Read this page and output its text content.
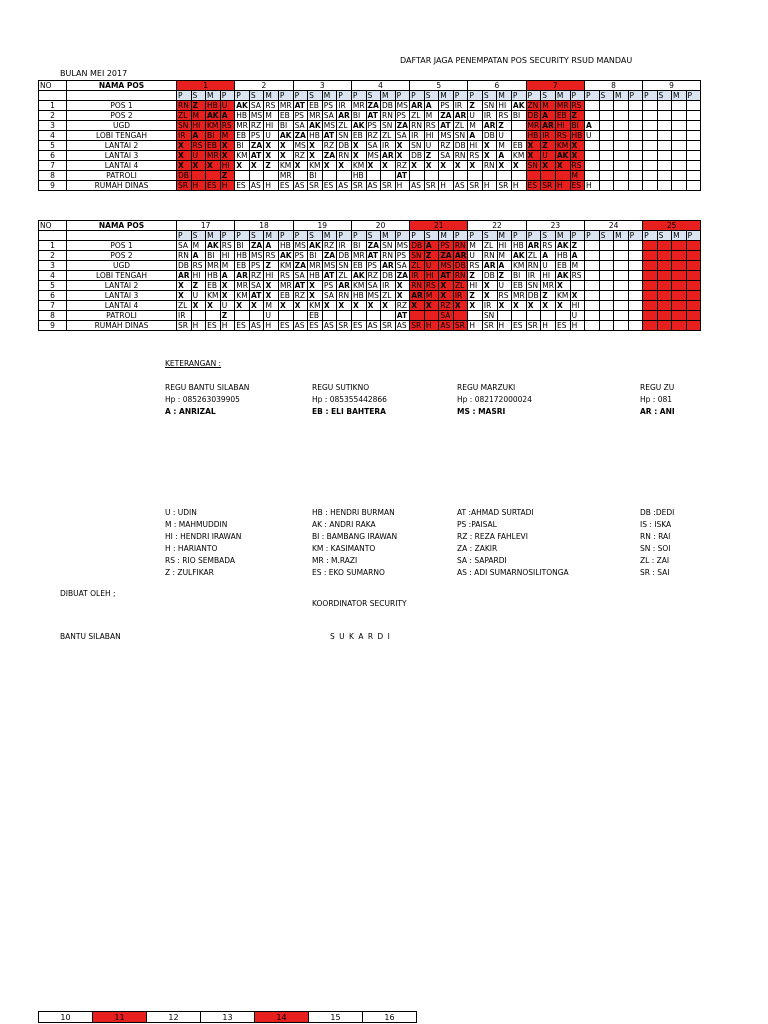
DAFTAR JAGA PENEMPATAN POS SECURITY RSUD MANDAU
BULAN MEI 2017
NO	NAMA POS	1				2				3				4				5				6				7				8				9			
		P	S	M	P	P	S	M	P	P	S	M	P	P	S	M	P	P	S	M	P	P	S	M	P	P	S	M	P	P	S	M	P	P	S	M	P
1	POS 1	RN	Z	HB	U	AK	SA	RS	MR	AT	EB	PS	IR	MR	ZA	DB	MS	AR	A	PS	IR	Z	SN	HI	AK	ZN	M	MR	RS								
2	POS 2	ZL	M	AK	A	HB	MS	M	EB	PS	MR	SA	AR	BI	AT	RN	PS	ZL	M	ZA	AR	U	IR	RS	BI	DB	A	EB	Z								
3	UGD	SN	HI	KM	RS	MR	RZ	HI	BI	SA	AK	MS	ZL	AK	PS	SN	ZA	RN	RS	AT	ZL	M	AR	Z		MR	AR	HI	BI	A							
4	LOBI TENGAH	IR	A	BI	M	EB	PS	U	AK	ZA	HB	AT	SN	EB	RZ	ZL	SA	IR	HI	MS	SN	A	DB	U		HB	IR	RS	HB	U							
5	LANTAI 2	X	RS	EB	X	BI	ZA	X	X	MS	X	RZ	DB	X	SA	IR	X	SN	U	RZ	DB	HI	X	M	EB	X	Z	KM	X								
6	LANTAI 3	X	U	MR	X	KM	AT	X	X	RZ	X	ZA	RN	X	MS	AR	X	DB	Z	SA	RN	RS	X	A	KM	X	U	AK	X								
7	LANTAI 4	X	X	X	HI	X	X	Z	KM	X	KM	X	X	KM	X	X	RZ	X	X	X	X	X	RN	X	X	SN	X	X	RS								
8	PATROLI	DB			Z				MR		BI			HB			AT												M								
9	RUMAH DINAS	SR	H	ES	H	ES	AS	H	ES	AS	SR	ES	AS	SR	AS	SR	H	AS	SR	H	AS	SR	H	SR	H	ES	SR	H	ES	H							
NO	NAMA POS	17				18				19				20				21				22				23				24				25			
		P	S	M	P	P	S	M	P	P	S	M	P	P	S	M	P	P	S	M	P	P	S	M	P	P	S	M	P	P	S	M	P	P	S	M	P
1	POS 1	SA	M	AK	RS	BI	ZA	A	HB	MS	AK	RZ	IR	BI	ZA	SN	MS	DB	A	PS	RN	M	ZL	HI	HB	AR	RS	AK	Z								
2	POS 2	RN	A	BI	HI	HB	MS	RS	AK	PS	BI	ZA	DB	MR	AT	RN	PS	SN	Z	ZA	AR	U	RN	M	AK	ZL	A	HB	A								
3	UGD	DB	RS	MR	M	EB	PS	Z	KM	ZA	MR	MS	SN	EB	PS	AR	SA	ZL	U	MS	DB	RS	AR	A	KM	RN	U	EB	M								
4	LOBI TENGAH	AR	HI	HB	A	AR	RZ	HI	RS	SA	HB	AT	ZL	AK	RZ	DB	ZA	IR	HI	AT	RN	Z	DB	Z	BI	IR	HI	AK	RS								
5	LANTAI 2	X	Z	EB	X	MR	SA	X	MR	AT	X	PS	AR	KM	SA	IR	X	RN	RS	X	ZL	HI	X	U	EB	SN	MR	X									
6	LANTAI 3	X	U	KM	X	KM	AT	X	EB	RZ	X	SA	RN	HB	MS	ZL	X	AR	M	X	IR	Z	X	RS	MR	DB	Z	KM	X								
7	LANTAI 4	ZL	X	X	U	X	X	M	X	X	KM	X	X	X	X	X	RZ	X	X	RZ	X	X	IR	X	X	X	X	X	HI								
8	PATROLI	IR			Z			U			EB						AT			SA			SN						U								
9	RUMAH DINAS	SR	H	ES	H	ES	AS	H	ES	AS	ES	AS	SR	ES	AS	SR	AS	SR	H	AS	SR	H	SR	H	ES	SR	H	ES	H								
KETERANGAN :
REGU BANTU SILABAN
Hp : 085263039905
A : ANRIZAL
REGU SUTIKNO
Hp : 085355442866
EB : ELI BAHTERA
REGU MARZUKI
Hp : 082172000024
MS : MASRI
REGU ZU
Hp : 081
AR : ANI
U : UDIN	HB : HENDRI BURMAN	AT :AHMAD SURTADI	DB :DEDI
M : MAHMUDDIN	AK : ANDRI RAKA	PS :PAISAL	IS : ISKA
HI : HENDRI IRAWAN	BI : BAMBANG IRAWAN	RZ : REZA FAHLEVI	RN : RAI
H : HARIANTO	KM : KASIMANTO	ZA : ZAKIR	SN : SOI
RS : RIO SEMBADA	MR : M.RAZI	SA : SAPARDI	ZL : ZAI
Z : ZULFIKAR	ES : EKO SUMARNO	AS : ADI SUMARNOSILITONGA	SR : SAI
DIBUAT OLEH ;
KOORDINATOR SECURITY
BANTU SILABAN	S U K A R D I
10	11	12	13	14	15	16
